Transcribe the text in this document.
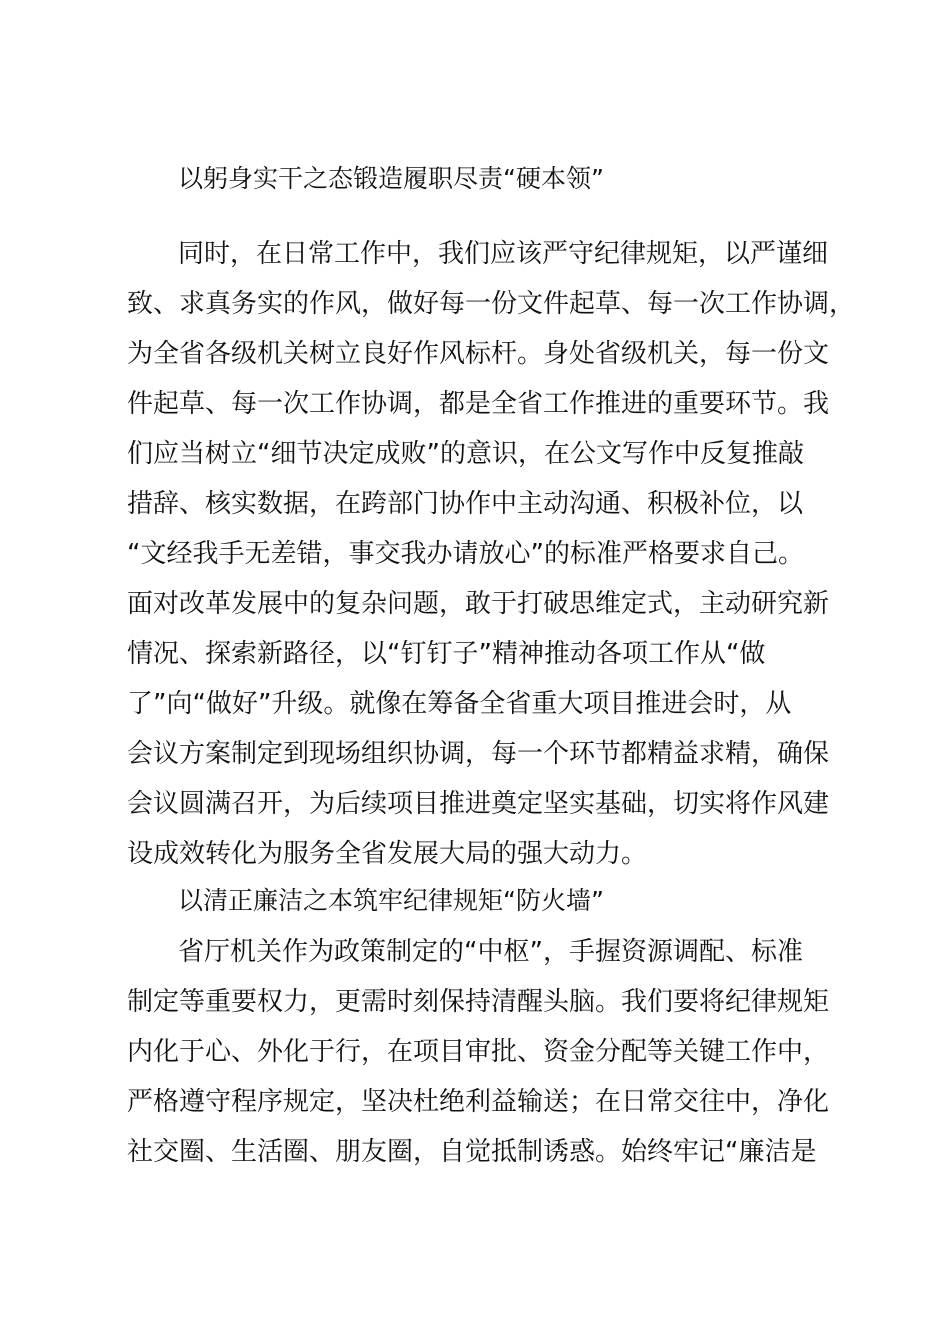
以躬身实干之态锻造履职尽责“硬本领”
同时，在日常工作中，我们应该严守纪律规矩，以严谨细
致、求真务实的作风，做好每一份文件起草、每一次工作协调，
为全省各级机关树立良好作风标杆。身处省级机关，每一份文
件起草、每一次工作协调，都是全省工作推进的重要环节。我
们应当树立“细节决定成败”的意识，在公文写作中反复推敲
措辞、核实数据，在跨部门协作中主动沟通、积极补位，以
“文经我手无差错，事交我办请放心”的标准严格要求自己。
面对改革发展中的复杂问题，敢于打破思维定式，主动研究新
情况、探索新路径，以“钉钉子”精神推动各项工作从“做
了”向“做好”升级。就像在筹备全省重大项目推进会时，从
会议方案制定到现场组织协调，每一个环节都精益求精，确保
会议圆满召开，为后续项目推进奠定坚实基础，切实将作风建
设成效转化为服务全省发展大局的强大动力。
以清正廉洁之本筑牢纪律规矩“防火墙”
省厅机关作为政策制定的“中枢”，手握资源调配、标准
制定等重要权力，更需时刻保持清醒头脑。我们要将纪律规矩
内化于心、外化于行，在项目审批、资金分配等关键工作中，
严格遵守程序规定，坚决杜绝利益输送；在日常交往中，净化
社交圈、生活圈、朋友圈，自觉抵制诱惑。始终牢记“廉洁是
